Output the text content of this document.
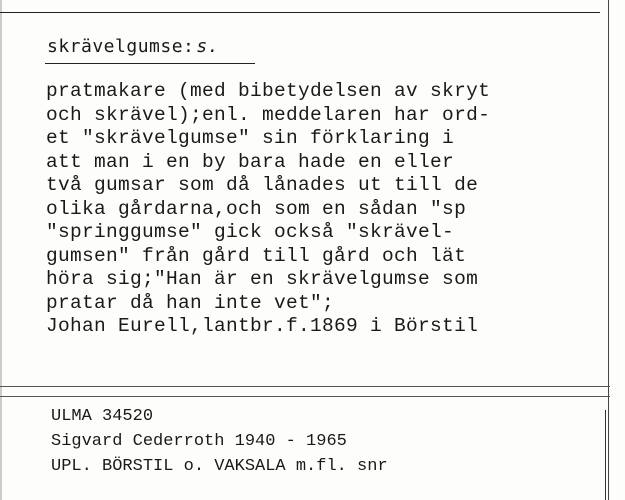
skrävelgumse: s.
pratmakare (med bibetydelsen av skryt
och skrävel);enl. meddelaren har ord-
et "skrävelgumse" sin förklaring i
att man i en by bara hade en eller
två gumsar som då lånades ut till de
olika gårdarna,och som en sådan "sp
"springgumse" gick också "skrävel-
gumsen" från gård till gård och lät
höra sig;"Han är en skrävelgumse som
pratar då han inte vet";
Johan Eurell,lantbr.f.1869 i Börstil
ULMA 34520
Sigvard Cederroth 1940 - 1965
UPL. BÖRSTIL o. VAKSALA m.fl. snr
